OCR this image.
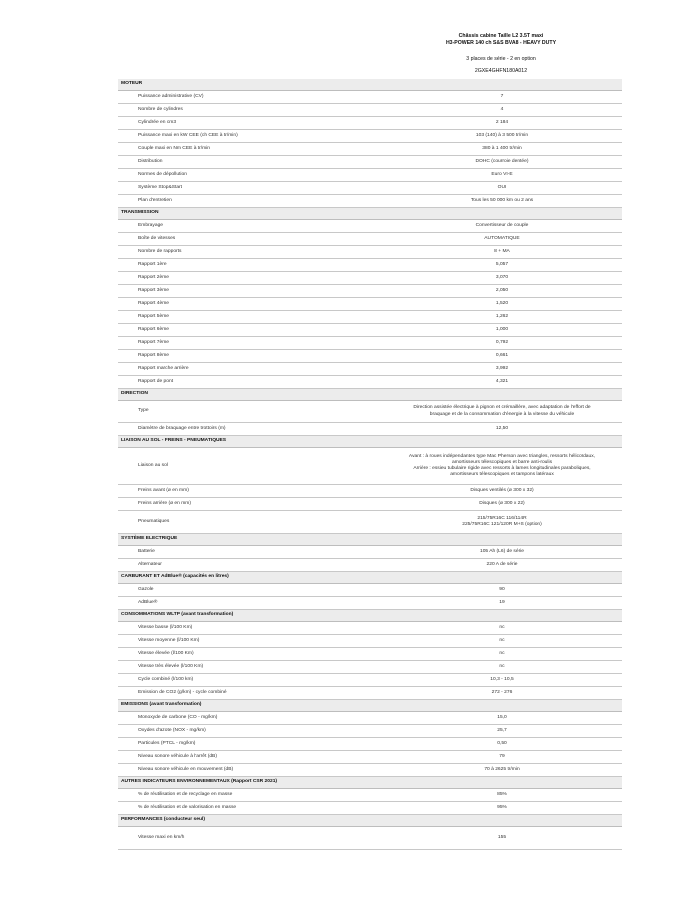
Châssis cabine Taille L2 3.5T maxi
H3-POWER 140 ch S&S BVA8 - HEAVY DUTY
3 places de série - 2 en option
2GXE4GHFN180A012
MOTEUR	
Puissance administrative (CV)	7
Nombre de cylindres	4
Cylindrée en cm3	2 184
Puissance maxi en kW CEE (ch CEE à tr/min)	103 (140) à 3 500 tr/min
Couple maxi en Nm CEE à tr/min	380 à 1 400 tr/min
Distribution	DOHC (courroie dentée)
Normes de dépollution	Euro VI-E
Système Stop&Start	OUI
Plan d'entretien	Tous les 50 000 km ou 2 ans
TRANSMISSION	
Embrayage	Convertisseur de couple
Boîte de vitesses	AUTOMATIQUE
Nombre de rapports	8 + MA
Rapport 1ère	5,057
Rapport 2ème	3,070
Rapport 3ème	2,050
Rapport 4ème	1,520
Rapport 5ème	1,262
Rapport 6ème	1,000
Rapport 7ème	0,792
Rapport 8ème	0,661
Rapport marche arrière	3,992
Rapport de pont	4,321
DIRECTION	
Type	Direction assistée électrique à pignon et crémaillère, avec adaptation de l'effort de
braquage et de la consommation d'énergie à la vitesse du véhicule
Diamètre de braquage entre trottoirs (m)	12,50
LIAISON AU SOL - FREINS - PNEUMATIQUES	
Liaison au sol	Avant : à roues indépendantes type Mac Pherson avec triangles, ressorts hélicoïdaux,
amortisseurs télescopiques et barre anti-roulis
Arrière : essieu tubulaire rigide avec ressorts à lames longitudinales paraboliques,
amortisseurs télescopiques et tampons latéraux
Freins avant (ø en mm)	Disques ventilés (ø 300 x 32)
Freins arrière (ø en mm)	Disques (ø 300 x 22)
Pneumatiques	215/75R16C 116/114R
225/75R16C 121/120R M+S (option)
SYSTÈME ELECTRIQUE	
Batterie	105 Ah (L6) de série
Alternateur	220 A de série
CARBURANT ET AdBlue® (capacités en litres)	
Gazole	90
AdBlue®	19
CONSOMMATIONS WLTP (avant transformation)	
Vitesse basse (l/100 Km)	nc
Vitesse moyenne (l/100 Km)	nc
Vitesse élevée (l/100 Km)	nc
Vitesse très élevée (l/100 Km)	nc
Cycle combiné (l/100 km)	10,3 - 10,5
Emission de CO2 (g/km) - cycle combiné	272 - 276
EMISSIONS (avant transformation)	
Monoxyde de carbone (CO - mg/km)	15,0
Oxydes d'azote (NOX - mg/km)	25,7
Particules (PTCL - mg/km)	0,50
Niveau sonore véhicule à l'arrêt (dB)	79
Niveau sonore véhicule en mouvement (dB)	70 à 2625 tr/min
AUTRES INDICATEURS ENVIRONNEMENTAUX (Rapport CSR 2021)	
% de réutilisation et de recyclage en masse	85%
% de réutilisation et de valorisation en masse	95%
PERFORMANCES (conducteur seul)	
Vitesse maxi en km/h	155
